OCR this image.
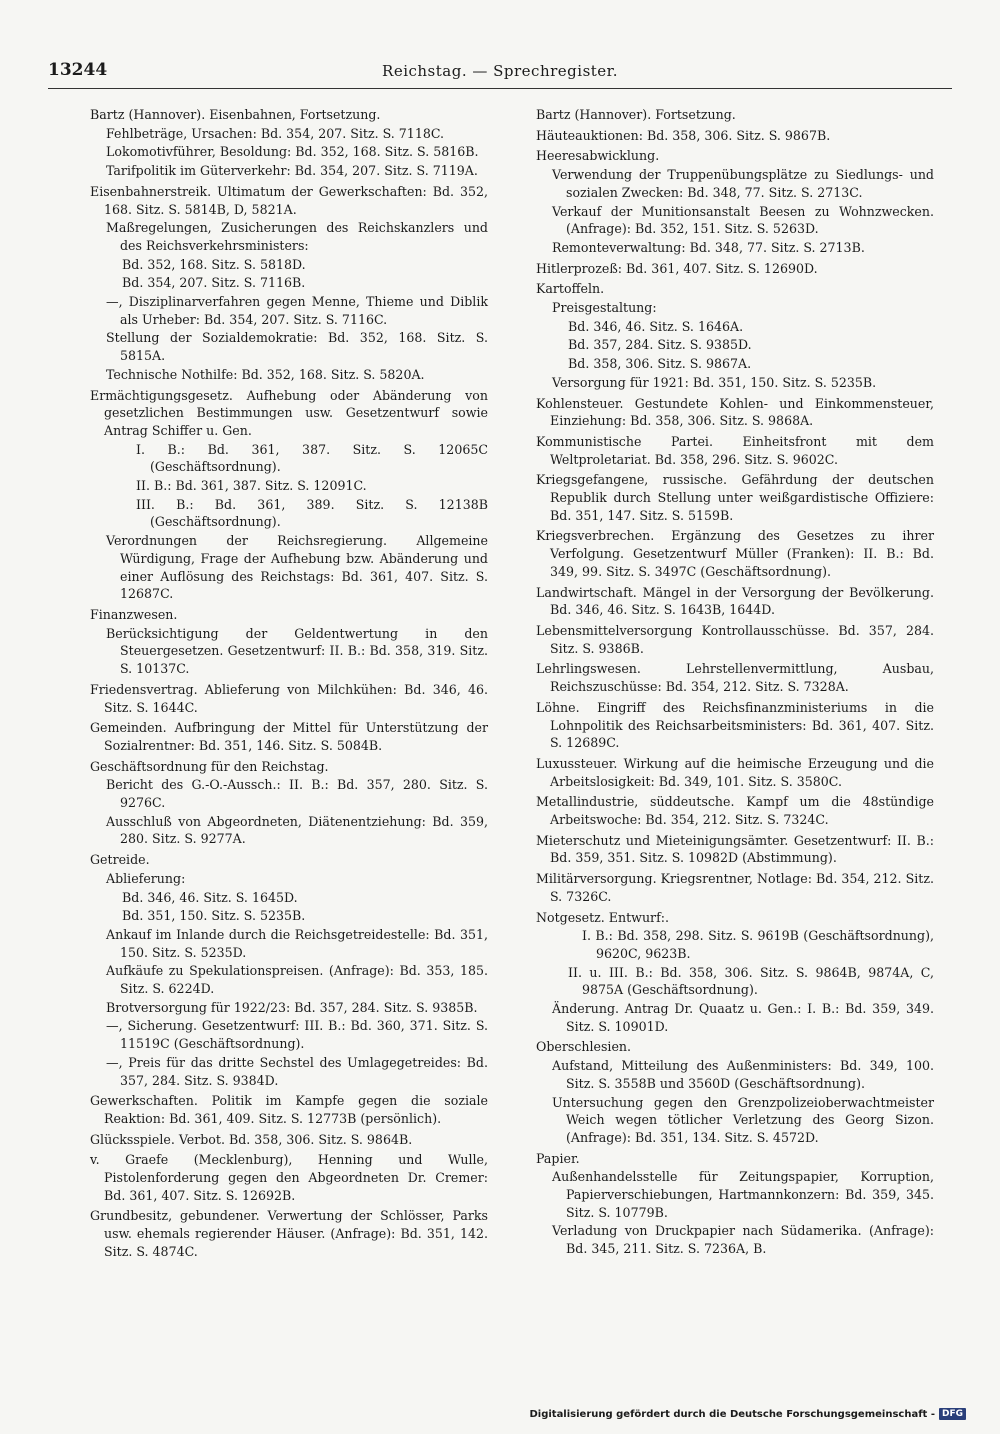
13244	Reichstag. — Sprechregister.

Bartz (Hannover). Eisenbahnen, Fortsetzung.

Fehlbeträge, Ursachen: Bd. 354, 207. Sitz. S. 7118C.

Lokomotivführer, Besoldung: Bd. 352, 168. Sitz. S. 5816B.

Tarifpolitik im Güterverkehr: Bd. 354, 207. Sitz. S. 7119A.

Eisenbahnerstreik. Ultimatum der Gewerkschaften: Bd. 352, 168. Sitz. S. 5814B, D, 5821A.

Maßregelungen, Zusicherungen des Reichskanzlers und des Reichsverkehrsministers:

Bd. 352, 168. Sitz. S. 5818D.

Bd. 354, 207. Sitz. S. 7116B.

—, Disziplinarverfahren gegen Menne, Thieme und Diblik als Urheber: Bd. 354, 207. Sitz. S. 7116C.

Stellung der Sozialdemokratie: Bd. 352, 168. Sitz. S. 5815A.

Technische Nothilfe: Bd. 352, 168. Sitz. S. 5820A.

Ermächtigungsgesetz. Aufhebung oder Abänderung von gesetzlichen Bestimmungen usw. Gesetzentwurf sowie Antrag Schiffer u. Gen.

I. B.: Bd. 361, 387. Sitz. S. 12065C (Geschäftsordnung).

II. B.: Bd. 361, 387. Sitz. S. 12091C.

III. B.: Bd. 361, 389. Sitz. S. 12138B (Geschäftsordnung).

Verordnungen der Reichsregierung. Allgemeine Würdigung, Frage der Aufhebung bzw. Abänderung und einer Auflösung des Reichstags: Bd. 361, 407. Sitz. S. 12687C.

Finanzwesen.

Berücksichtigung der Geldentwertung in den Steuergesetzen. Gesetzentwurf: II. B.: Bd. 358, 319. Sitz. S. 10137C.

Friedensvertrag. Ablieferung von Milchkühen: Bd. 346, 46. Sitz. S. 1644C.

Gemeinden. Aufbringung der Mittel für Unterstützung der Sozialrentner: Bd. 351, 146. Sitz. S. 5084B.

Geschäftsordnung für den Reichstag.

Bericht des G.-O.-Aussch.: II. B.: Bd. 357, 280. Sitz. S. 9276C.

Ausschluß von Abgeordneten, Diätenentziehung: Bd. 359, 280. Sitz. S. 9277A.

Getreide.

Ablieferung:

Bd. 346, 46. Sitz. S. 1645D.

Bd. 351, 150. Sitz. S. 5235B.

Ankauf im Inlande durch die Reichsgetreidestelle: Bd. 351, 150. Sitz. S. 5235D.

Aufkäufe zu Spekulationspreisen. (Anfrage): Bd. 353, 185. Sitz. S. 6224D.

Brotversorgung für 1922/23: Bd. 357, 284. Sitz. S. 9385B.

—, Sicherung. Gesetzentwurf: III. B.: Bd. 360, 371. Sitz. S. 11519C (Geschäftsordnung).

—, Preis für das dritte Sechstel des Umlagegetreides: Bd. 357, 284. Sitz. S. 9384D.

Gewerkschaften. Politik im Kampfe gegen die soziale Reaktion: Bd. 361, 409. Sitz. S. 12773B (persönlich).

Glücksspiele. Verbot. Bd. 358, 306. Sitz. S. 9864B.

v. Graefe (Mecklenburg), Henning und Wulle, Pistolenforderung gegen den Abgeordneten Dr. Cremer: Bd. 361, 407. Sitz. S. 12692B.

Grundbesitz, gebundener. Verwertung der Schlösser, Parks usw. ehemals regierender Häuser. (Anfrage): Bd. 351, 142. Sitz. S. 4874C.

Bartz (Hannover). Fortsetzung.

Häuteauktionen: Bd. 358, 306. Sitz. S. 9867B.

Heeresabwicklung.

Verwendung der Truppenübungsplätze zu Siedlungs- und sozialen Zwecken: Bd. 348, 77. Sitz. S. 2713C.

Verkauf der Munitionsanstalt Beesen zu Wohnzwecken. (Anfrage): Bd. 352, 151. Sitz. S. 5263D.

Remonteverwaltung: Bd. 348, 77. Sitz. S. 2713B.

Hitlerprozeß: Bd. 361, 407. Sitz. S. 12690D.

Kartoffeln.

Preisgestaltung:

Bd. 346, 46. Sitz. S. 1646A.

Bd. 357, 284. Sitz. S. 9385D.

Bd. 358, 306. Sitz. S. 9867A.

Versorgung für 1921: Bd. 351, 150. Sitz. S. 5235B.

Kohlensteuer. Gestundete Kohlen- und Einkommensteuer, Einziehung: Bd. 358, 306. Sitz. S. 9868A.

Kommunistische Partei. Einheitsfront mit dem Weltproletariat. Bd. 358, 296. Sitz. S. 9602C.

Kriegsgefangene, russische. Gefährdung der deutschen Republik durch Stellung unter weißgardistische Offiziere: Bd. 351, 147. Sitz. S. 5159B.

Kriegsverbrechen. Ergänzung des Gesetzes zu ihrer Verfolgung. Gesetzentwurf Müller (Franken): II. B.: Bd. 349, 99. Sitz. S. 3497C (Geschäftsordnung).

Landwirtschaft. Mängel in der Versorgung der Bevölkerung. Bd. 346, 46. Sitz. S. 1643B, 1644D.

Lebensmittelversorgung Kontrollausschüsse. Bd. 357, 284. Sitz. S. 9386B.

Lehrlingswesen. Lehrstellenvermittlung, Ausbau, Reichszuschüsse: Bd. 354, 212. Sitz. S. 7328A.

Löhne. Eingriff des Reichsfinanzministeriums in die Lohnpolitik des Reichsarbeitsministers: Bd. 361, 407. Sitz. S. 12689C.

Luxussteuer. Wirkung auf die heimische Erzeugung und die Arbeitslosigkeit: Bd. 349, 101. Sitz. S. 3580C.

Metallindustrie, süddeutsche. Kampf um die 48stündige Arbeitswoche: Bd. 354, 212. Sitz. S. 7324C.

Mieterschutz und Mieteinigungsämter. Gesetzentwurf: II. B.: Bd. 359, 351. Sitz. S. 10982D (Abstimmung).

Militärversorgung. Kriegsrentner, Notlage: Bd. 354, 212. Sitz. S. 7326C.

Notgesetz. Entwurf:.

I. B.: Bd. 358, 298. Sitz. S. 9619B (Geschäftsordnung), 9620C, 9623B.

II. u. III. B.: Bd. 358, 306. Sitz. S. 9864B, 9874A, C, 9875A (Geschäftsordnung).

Änderung. Antrag Dr. Quaatz u. Gen.: I. B.: Bd. 359, 349. Sitz. S. 10901D.

Oberschlesien.

Aufstand, Mitteilung des Außenministers: Bd. 349, 100. Sitz. S. 3558B und 3560D (Geschäftsordnung).

Untersuchung gegen den Grenzpolizeioberwachtmeister Weich wegen tötlicher Verletzung des Georg Sizon. (Anfrage): Bd. 351, 134. Sitz. S. 4572D.

Papier.

Außenhandelsstelle für Zeitungspapier, Korruption, Papierverschiebungen, Hartmannkonzern: Bd. 359, 345. Sitz. S. 10779B.

Verladung von Druckpapier nach Südamerika. (Anfrage): Bd. 345, 211. Sitz. S. 7236A, B.

Digitalisierung gefördert durch die Deutsche Forschungsgemeinschaft - DFG
